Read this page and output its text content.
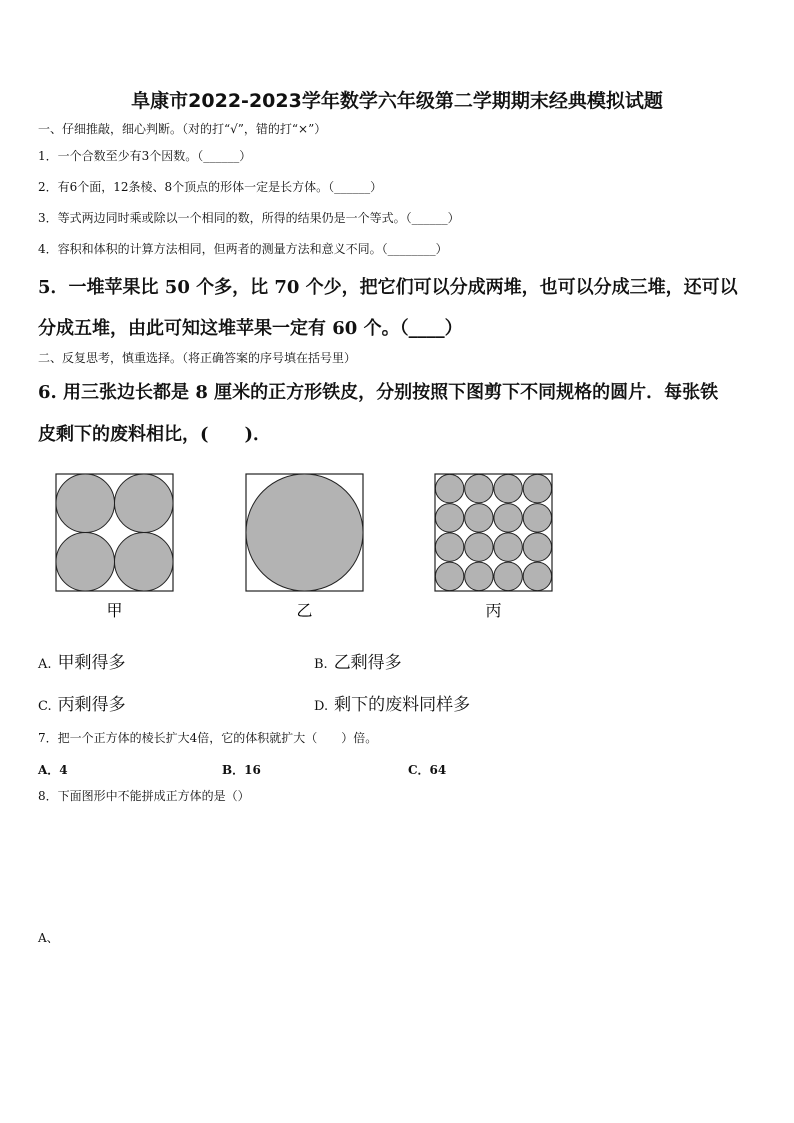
阜康市2022-2023学年数学六年级第二学期期末经典模拟试题
一、仔细推敲，细心判断。（对的打“√”，错的打“×”）
1．一个合数至少有3个因数。（______）
2．有6个面，12条棱、8个顶点的形体一定是长方体。（______）
3．等式两边同时乘或除以一个相同的数，所得的结果仍是一个等式。（______）
4．容积和体积的计算方法相同，但两者的测量方法和意义不同。（________）
5．一堆苹果比 50 个多，比 70 个少，把它们可以分成两堆，也可以分成三堆，还可以
分成五堆，由此可知这堆苹果一定有 60 个。（____）
二、反复思考，慎重选择。（将正确答案的序号填在括号里）
6. 用三张边长都是 8 厘米的正方形铁皮，分别按照下图剪下不同规格的圆片．每张铁
皮剩下的废料相比，(　　)．
甲	乙	丙
A. 甲剩得多	B. 乙剩得多
C. 丙剩得多	D. 剩下的废料同样多
7．把一个正方体的棱长扩大4倍，它的体积就扩大（　　）倍。
A．4	B．16	C．64
8．下面图形中不能拼成正方体的是（）
A、
